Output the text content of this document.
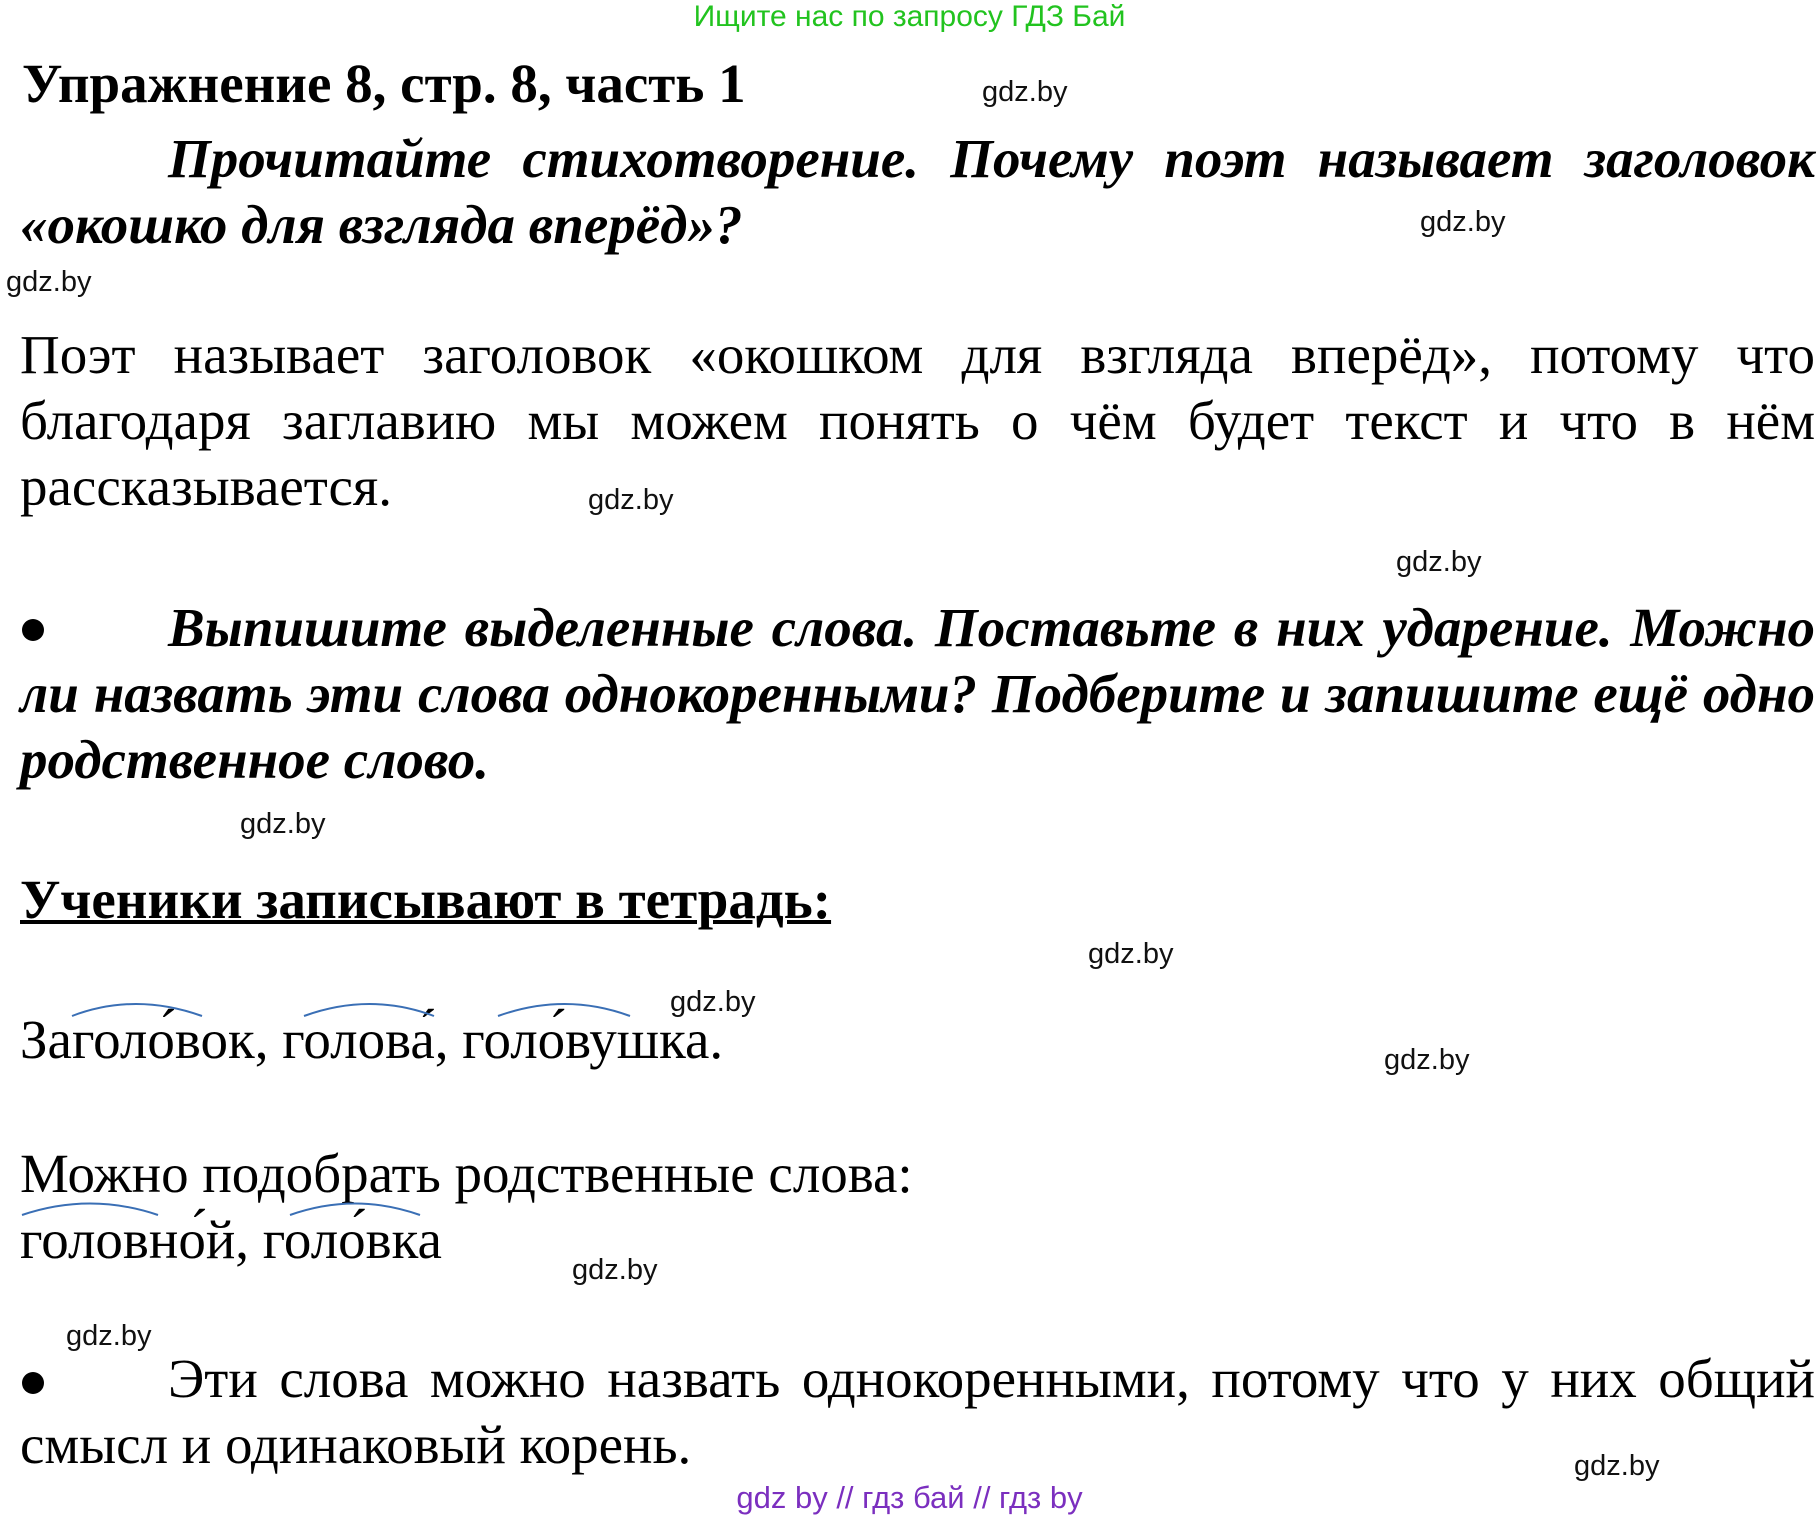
Ищите нас по запросу ГДЗ Бай
Упражнение 8, стр. 8, часть 1
Прочитайте стихотворение. Почему поэт называет заголовок «окошко для взгляда вперёд»?
Поэт называет заголовок «окошком для взгляда вперёд», потому что благодаря заглавию мы можем понять о чём будет текст и что в нём рассказывается.
Выпишите выделенные слова. Поставьте в них ударение. Можно ли назвать эти слова однокоренными? Подберите и запишите ещё одно родственное слово.
Ученики записывают в тетрадь:
Заголо́вок, голова́, голо́вушка.
Можно подобрать родственные слова:
головно́й, голо́вка
Эти слова можно назвать однокоренными, потому что у них общий смысл и одинаковый корень.
gdz.by
gdz.by
gdz.by
gdz.by
gdz.by
gdz.by
gdz.by
gdz.by
gdz.by
gdz.by
gdz.by
gdz.by
gdz by // гдз бай // гдз by
